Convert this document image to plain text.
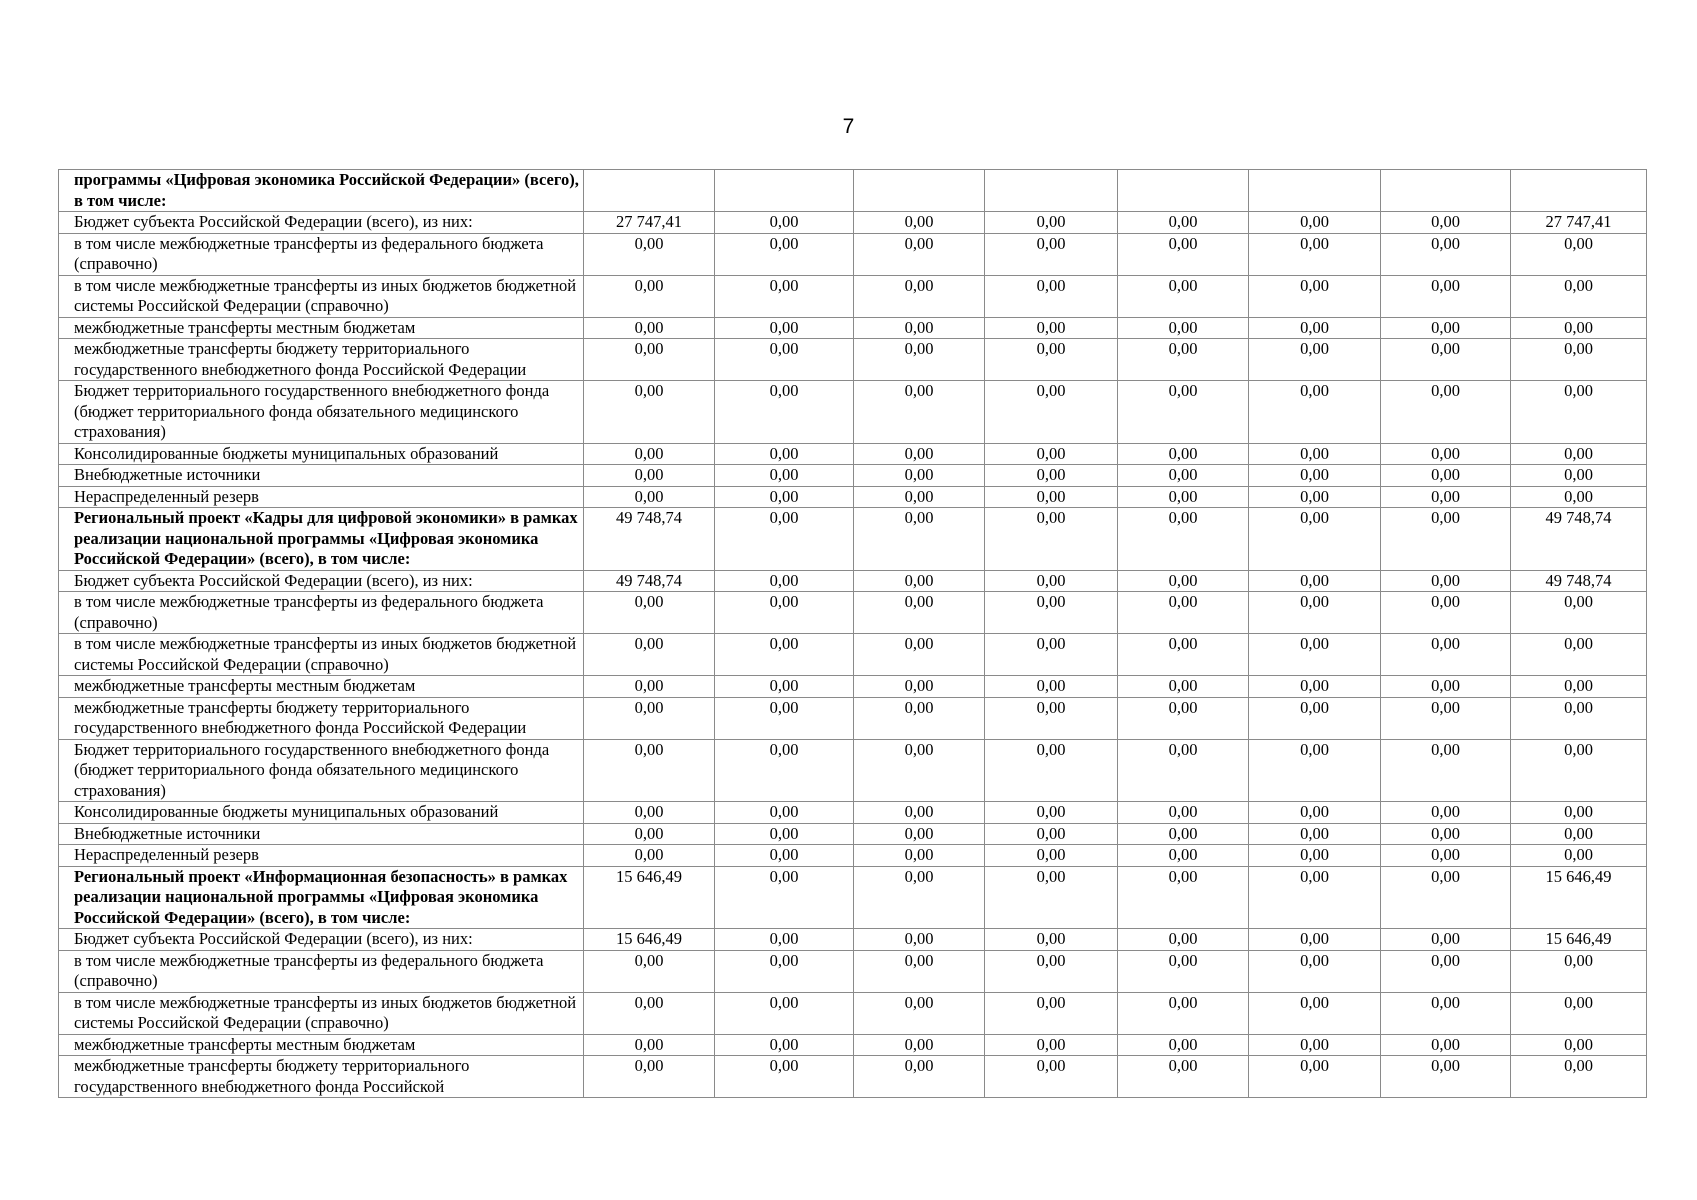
7
программы «Цифровая экономика Российской Федерации» (всего), в том числе:								
Бюджет субъекта Российской Федерации (всего), из них:	27 747,41	0,00	0,00	0,00	0,00	0,00	0,00	27 747,41
в том числе межбюджетные трансферты из федерального бюджета (справочно)	0,00	0,00	0,00	0,00	0,00	0,00	0,00	0,00
в том числе межбюджетные трансферты из иных бюджетов бюджетной системы Российской Федерации (справочно)	0,00	0,00	0,00	0,00	0,00	0,00	0,00	0,00
межбюджетные трансферты местным бюджетам	0,00	0,00	0,00	0,00	0,00	0,00	0,00	0,00
межбюджетные трансферты бюджету территориального государственного внебюджетного фонда Российской Федерации	0,00	0,00	0,00	0,00	0,00	0,00	0,00	0,00
Бюджет территориального государственного внебюджетного фонда (бюджет территориального фонда обязательного медицинского страхования)	0,00	0,00	0,00	0,00	0,00	0,00	0,00	0,00
Консолидированные бюджеты муниципальных образований	0,00	0,00	0,00	0,00	0,00	0,00	0,00	0,00
Внебюджетные источники	0,00	0,00	0,00	0,00	0,00	0,00	0,00	0,00
Нераспределенный резерв	0,00	0,00	0,00	0,00	0,00	0,00	0,00	0,00
Региональный проект «Кадры для цифровой экономики» в рамках реализации национальной программы «Цифровая экономика Российской Федерации» (всего), в том числе:	49 748,74	0,00	0,00	0,00	0,00	0,00	0,00	49 748,74
Бюджет субъекта Российской Федерации (всего), из них:	49 748,74	0,00	0,00	0,00	0,00	0,00	0,00	49 748,74
в том числе межбюджетные трансферты из федерального бюджета (справочно)	0,00	0,00	0,00	0,00	0,00	0,00	0,00	0,00
в том числе межбюджетные трансферты из иных бюджетов бюджетной системы Российской Федерации (справочно)	0,00	0,00	0,00	0,00	0,00	0,00	0,00	0,00
межбюджетные трансферты местным бюджетам	0,00	0,00	0,00	0,00	0,00	0,00	0,00	0,00
межбюджетные трансферты бюджету территориального государственного внебюджетного фонда Российской Федерации	0,00	0,00	0,00	0,00	0,00	0,00	0,00	0,00
Бюджет территориального государственного внебюджетного фонда (бюджет территориального фонда обязательного медицинского страхования)	0,00	0,00	0,00	0,00	0,00	0,00	0,00	0,00
Консолидированные бюджеты муниципальных образований	0,00	0,00	0,00	0,00	0,00	0,00	0,00	0,00
Внебюджетные источники	0,00	0,00	0,00	0,00	0,00	0,00	0,00	0,00
Нераспределенный резерв	0,00	0,00	0,00	0,00	0,00	0,00	0,00	0,00
Региональный проект «Информационная безопасность» в рамках реализации национальной программы «Цифровая экономика Российской Федерации» (всего), в том числе:	15 646,49	0,00	0,00	0,00	0,00	0,00	0,00	15 646,49
Бюджет субъекта Российской Федерации (всего), из них:	15 646,49	0,00	0,00	0,00	0,00	0,00	0,00	15 646,49
в том числе межбюджетные трансферты из федерального бюджета (справочно)	0,00	0,00	0,00	0,00	0,00	0,00	0,00	0,00
в том числе межбюджетные трансферты из иных бюджетов бюджетной системы Российской Федерации (справочно)	0,00	0,00	0,00	0,00	0,00	0,00	0,00	0,00
межбюджетные трансферты местным бюджетам	0,00	0,00	0,00	0,00	0,00	0,00	0,00	0,00
межбюджетные трансферты бюджету территориального государственного внебюджетного фонда Российской	0,00	0,00	0,00	0,00	0,00	0,00	0,00	0,00
